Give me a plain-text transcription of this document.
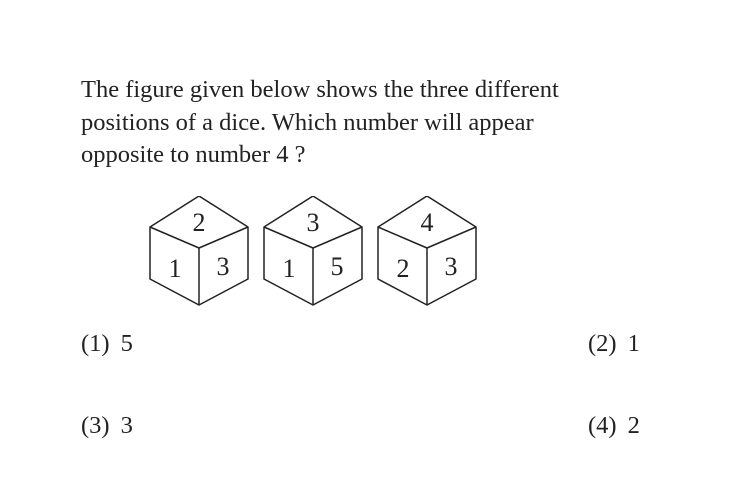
The figure given below shows the three different
positions of a dice. Which number will appear
opposite to number 4 ?

2
1 3
3
1 5
4
2 3
(1) 5	(2) 1
(3) 3	(4) 2
